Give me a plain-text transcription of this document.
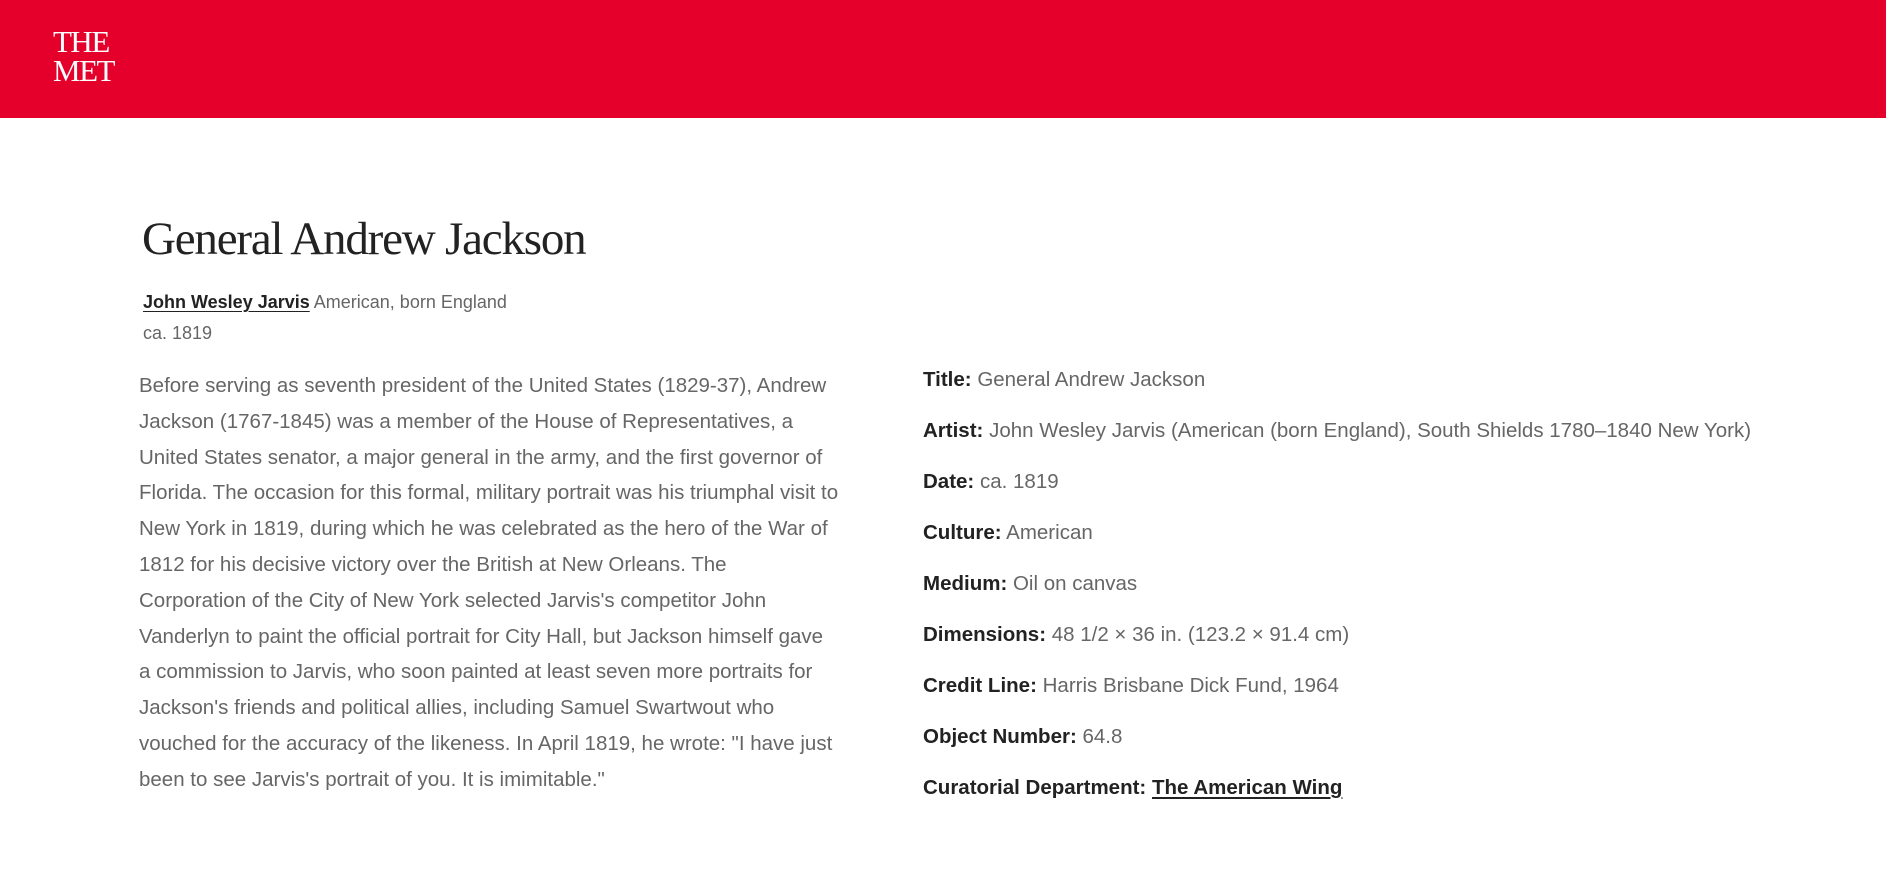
THE
MET
General Andrew Jackson
John Wesley Jarvis American, born England
ca. 1819

Before serving as seventh president of the United States (1829-37), Andrew Jackson (1767-1845) was a member of the House of Representatives, a United States senator, a major general in the army, and the first governor of Florida. The occasion for this formal, military portrait was his triumphal visit to New York in 1819, during which he was celebrated as the hero of the War of 1812 for his decisive victory over the British at New Orleans. The Corporation of the City of New York selected Jarvis's competitor John Vanderlyn to paint the official portrait for City Hall, but Jackson himself gave a commission to Jarvis, who soon painted at least seven more portraits for Jackson's friends and political allies, including Samuel Swartwout who vouched for the accuracy of the likeness. In April 1819, he wrote: "I have just been to see Jarvis's portrait of you. It is imimitable."

Title: General Andrew Jackson
Artist: John Wesley Jarvis (American (born England), South Shields 1780–1840 New York)
Date: ca. 1819
Culture: American
Medium: Oil on canvas
Dimensions: 48 1/2 × 36 in. (123.2 × 91.4 cm)
Credit Line: Harris Brisbane Dick Fund, 1964
Object Number: 64.8
Curatorial Department: The American Wing
